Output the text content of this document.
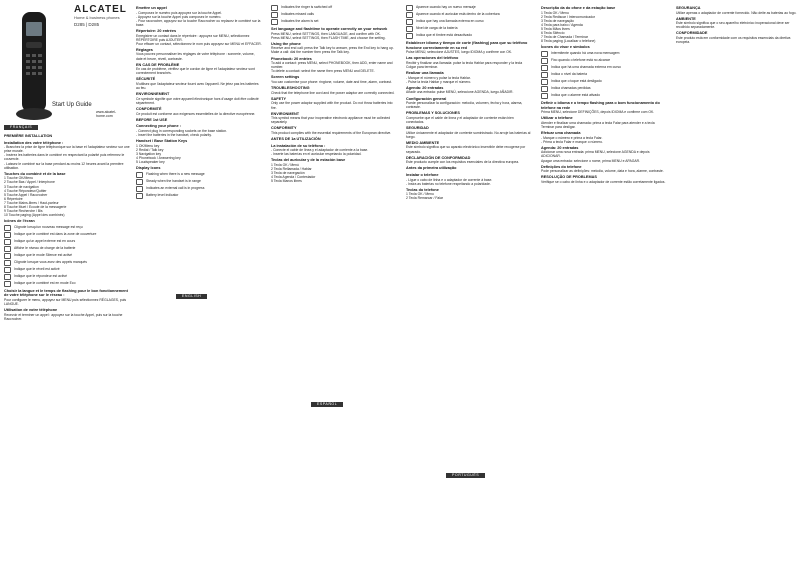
ALCATEL
Home & business phones
D285 | D285
Start Up Guide
www.alcatel-home.com
FRANÇAIS
PREMIÈRE INSTALLATION
Installation des votre téléphone :
- Branchez la prise de ligne téléphonique sur la base et l'adaptateur secteur sur une prise murale.
- Insérez les batteries dans le combiné en respectant la polarité puis refermez le couvercle.
- Laissez le combiné sur la base pendant au moins 12 heures avant la première utilisation.
Touches du combiné et de la base
1 Touche OK/Menu
2 Touche Bas / Appel / Interphone
3 Touche de navigation
4 Touche Répondeur/Quitter
5 Touche Appel / Raccrocher
6 Répertoire
7 Touche Mains-libres / Haut-parleur
8 Touche Muet / Ecoute de la messagerie
9 Touche Recherche / Bis
10 Touche paging (Appel des combinés)
Icônes de l'écran
Clignote lorsqu'un nouveau message est reçu
Indique que le combiné est dans la zone de couverture
Indique qu'un appel externe est en cours
Affiche le niveau de charge de la batterie
Indique que le mode Silence est activé
Clignote lorsque vous avez des appels manqués
Indique que le réveil est activé
Indique que le répondeur est activé
Indique que le combiné est en mode Eco
Choisir la langue et le temps de flashing pour le bon fonctionnement de votre téléphone sur le réseau :
Pour configurer le menu, appuyez sur MENU puis sélectionnez RÉGLAGES, puis LANGUE.
Utilisation de votre téléphone
Recevoir et terminer un appel : appuyez sur la touche Appel, puis sur la touche Raccrocher.
Emettre un appel
- Composez le numéro puis appuyez sur la touche Appel.
- Appuyez sur la touche Appel puis composez le numéro.
- Pour raccrocher, appuyez sur la touche Raccrocher ou replacez le combiné sur la base.
Répertoire: 20 entrées
Enregistrer un contact dans le répertoire : appuyez sur MENU, sélectionnez RÉPERTOIRE puis AJOUTER.
Pour effacer un contact, sélectionnez le nom puis appuyez sur MENU et EFFACER.
Réglages
Vous pouvez personnaliser les réglages de votre téléphone : sonnerie, volume, date et heure, réveil, contraste.
EN CAS DE PROBLÈME
En cas de problème, vérifiez que le cordon de ligne et l'adaptateur secteur sont correctement branchés.
SÉCURITÉ
N'utilisez que l'adaptateur secteur fourni avec l'appareil. Ne jetez pas les batteries au feu.
ENVIRONNEMENT
Ce symbole signifie que votre appareil électronique hors d'usage doit être collecté séparément.
CONFORMITÉ
Ce produit est conforme aux exigences essentielles de la directive européenne.
BEFORE 1st USE
Connecting your phone :
- Connect plug in corresponding sockets on the base station.
- Insert the batteries in the handset, check polarity.
Handset / Base Station Keys
1 OK/Menu key
2 Redial / Talk key
3 Navigation key
4 Phonebook / Answering key
5 Loudspeaker key
Display Icons
Flashing when there is a new message
Steady when the handset is in range
Indicates an external call is in progress
Battery level indicator
ENGLISH
Indicates the ringer is switched off
Indicates missed calls
Indicates the alarm is set
Set language and flashtime to operate correctly on your network
Press MENU, select SETTINGS, then LANGUAGE, and confirm with OK.
Press MENU, select SETTINGS, then FLASH TIME, and choose the setting.
Using the phone
Receive and end call: press the Talk key to answer, press the End key to hang up.
Make a call: dial the number then press the Talk key.
Phonebook: 20 entries
To add a contact: press MENU, select PHONEBOOK, then ADD, enter name and number.
To delete a contact: select the name then press MENU and DELETE.
Screen settings
You can customise your phone: ringtone, volume, date and time, alarm, contrast.
TROUBLESHOOTING
Check that the telephone line cord and the power adaptor are correctly connected.
SAFETY
Only use the power adaptor supplied with the product. Do not throw batteries into fire.
ENVIRONMENT
This symbol means that your inoperative electronic appliance must be collected separately.
CONFORMITY
This product complies with the essential requirements of the European directive.
ANTES DE 1a UTILIZACIÓN
La instalación de su teléfono :
- Conecte el cable de línea y el adaptador de corriente a la base.
- Inserte las baterías en el auricular respetando la polaridad.
Teclas del auricular y de la estación base
1 Tecla OK / Menú
2 Tecla Rellamada / Hablar
3 Tecla de navegación
4 Tecla Agenda / Contestador
5 Tecla Manos libres
ESPAÑOL
Aparece cuando hay un nuevo mensaje
Aparece cuando el auricular está dentro de la cobertura
Indica que hay una llamada externa en curso
Nivel de carga de la batería
Indica que el timbre está desactivado
Establecer idioma y tiempo de corte (flashing) para que su teléfono funcione correctamente en su red
Pulse MENÚ, seleccione AJUSTES, luego IDIOMA y confirme con OK.
Las operaciones del teléfono
Recibir y finalizar una llamada: pulse la tecla Hablar para responder y la tecla Colgar para terminar.
Realizar una llamada
- Marque el número y pulse la tecla Hablar.
- Pulse la tecla Hablar y marque el número.
Agenda: 20 entradas
Añadir una entrada: pulse MENÚ, seleccione AGENDA, luego AÑADIR.
Configuración general
Puede personalizar la configuración: melodía, volumen, fecha y hora, alarma, contraste.
PROBLEMAS Y SOLUCIONES
Compruebe que el cable de línea y el adaptador de corriente están bien conectados.
SEGURIDAD
Utilice únicamente el adaptador de corriente suministrado. No arroje las baterías al fuego.
MEDIO AMBIENTE
Este símbolo significa que su aparato electrónico inservible debe recogerse por separado.
DECLARACIÓN DE CONFORMIDAD
Este producto cumple con los requisitos esenciales de la directiva europea.
Antes da primeira utilização
Instalar o telefone
- Ligue o cabo de linha e o adaptador de corrente à base.
- Insira as baterias no telefone respeitando a polaridade.
Teclas do telefone
1 Tecla OK / Menu
2 Tecla Remarcar / Falar
PORTUGUÊS
Descrição da do ofone e da estação base
1 Tecla OK / Menu
2 Tecla Rediscar / Intercomunicador
3 Tecla de navegação
4 Tecla para baixo / Agenda
5 Tecla Mãos livres
6 Tecla Silêncio
7 Tecla de Chamada / Terminar
8 Tecla paging (Localizar o telefone)
Ícones do visor e símbolos
Intermitente quando há uma nova mensagem
Fixo quando o telefone está no alcance
Indica que há uma chamada externa em curso
Indica o nível da bateria
Indica que o toque está desligado
Indica chamadas perdidas
Indica que o alarme está ativado
Definir o idioma e o tempo flashing para o bom funcionamento do telefone na rede
Prima MENU, selecione DEFINIÇÕES, depois IDIOMA e confirme com OK.
Utilizar o telefone
Atender e finalizar uma chamada: prima a tecla Falar para atender e a tecla Terminar para desligar.
Efetuar uma chamada
- Marque o número e prima a tecla Falar.
- Prima a tecla Falar e marque o número.
Agenda: 20 entradas
Adicionar uma nova entrada: prima MENU, selecione AGENDA e depois ADICIONAR.
Apagar uma entrada: selecione o nome, prima MENU e APAGAR.
Definições do telefone
Pode personalizar as definições: melodia, volume, data e hora, alarme, contraste.
RESOLUÇÃO DE PROBLEMAS
Verifique se o cabo de linha e o adaptador de corrente estão corretamente ligados.
SEGURANÇA
Utilize apenas o adaptador de corrente fornecido. Não deite as baterias ao fogo.
AMBIENTE
Este símbolo significa que o seu aparelho eletrónico inoperacional deve ser recolhido separadamente.
CONFORMIDADE
Este produto está em conformidade com os requisitos essenciais da diretiva europeia.
